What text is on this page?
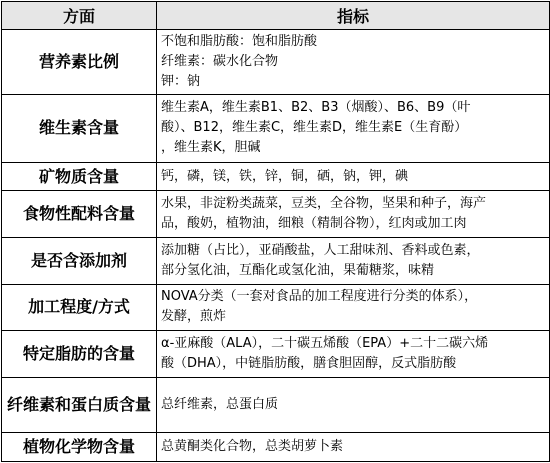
方面	指标
营养素比例	不饱和脂肪酸：饱和脂肪酸
纤维素：碳水化合物
钾：钠

维生素含量	维生素A，维生素B1、B2、B3（烟酸）、B6、B9（叶
酸）、B12，维生素C，维生素D，维生素E（生育酚）
，维生素K，胆碱

矿物质含量	钙，磷，镁，铁，锌，铜，硒，钠，钾，碘

食物性配料含量	水果，非淀粉类蔬菜，豆类，全谷物，坚果和种子，海产
品，酸奶，植物油，细粮（精制谷物），红肉或加工肉

是否含添加剂	添加糖（占比），亚硝酸盐，人工甜味剂、香料或色素，
部分氢化油，互酯化或氢化油，果葡糖浆，味精

加工程度/方式	NOVA分类（一套对食品的加工程度进行分类的体系），
发酵，煎炸

特定脂肪的含量	α-亚麻酸（ALA），二十碳五烯酸（EPA）+二十二碳六烯
酸（DHA），中链脂肪酸，膳食胆固醇，反式脂肪酸

纤维素和蛋白质含量	总纤维素，总蛋白质

植物化学物含量	总黄酮类化合物，总类胡萝卜素
